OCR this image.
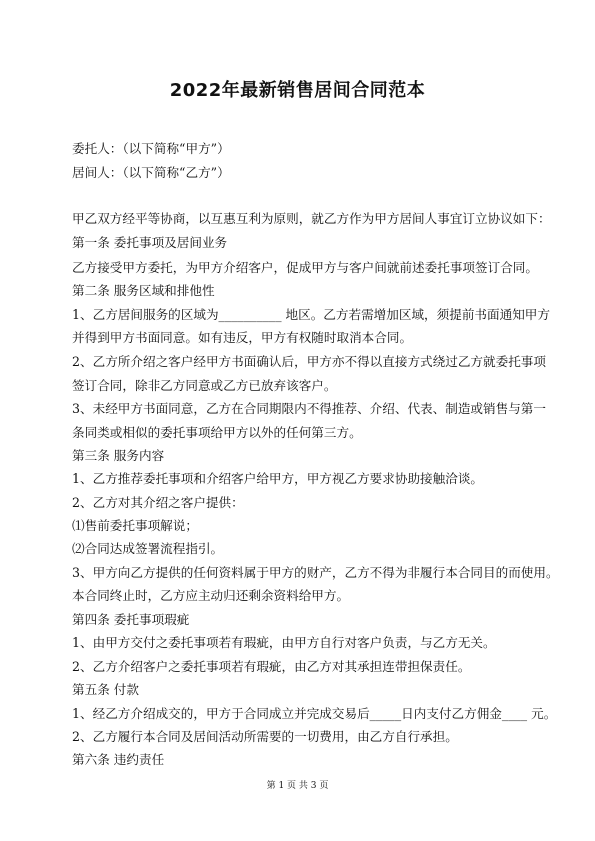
2022年最新销售居间合同范本
委托人：（以下简称“甲方”）
居间人：（以下简称“乙方”）
甲乙双方经平等协商，以互惠互利为原则，就乙方作为甲方居间人事宜订立协议如下：
第一条 委托事项及居间业务
乙方接受甲方委托，为甲方介绍客户，促成甲方与客户间就前述委托事项签订合同。
第二条 服务区域和排他性
1、乙方居间服务的区域为__________ 地区。乙方若需增加区域，须提前书面通知甲方
并得到甲方书面同意。如有违反，甲方有权随时取消本合同。
2、乙方所介绍之客户经甲方书面确认后，甲方亦不得以直接方式绕过乙方就委托事项
签订合同，除非乙方同意或乙方已放弃该客户。
3、未经甲方书面同意，乙方在合同期限内不得推荐、介绍、代表、制造或销售与第一
条同类或相似的委托事项给甲方以外的任何第三方。
第三条 服务内容
1、乙方推荐委托事项和介绍客户给甲方，甲方视乙方要求协助接触洽谈。
2、乙方对其介绍之客户提供：
⑴售前委托事项解说；
⑵合同达成签署流程指引。
3、甲方向乙方提供的任何资料属于甲方的财产，乙方不得为非履行本合同目的而使用。
本合同终止时，乙方应主动归还剩余资料给甲方。
第四条 委托事项瑕疵
1、由甲方交付之委托事项若有瑕疵，由甲方自行对客户负责，与乙方无关。
2、乙方介绍客户之委托事项若有瑕疵，由乙方对其承担连带担保责任。
第五条 付款
1、经乙方介绍成交的，甲方于合同成立并完成交易后_____日内支付乙方佣金____ 元。
2、乙方履行本合同及居间活动所需要的一切费用，由乙方自行承担。
第六条 违约责任
第 1 页 共 3 页
